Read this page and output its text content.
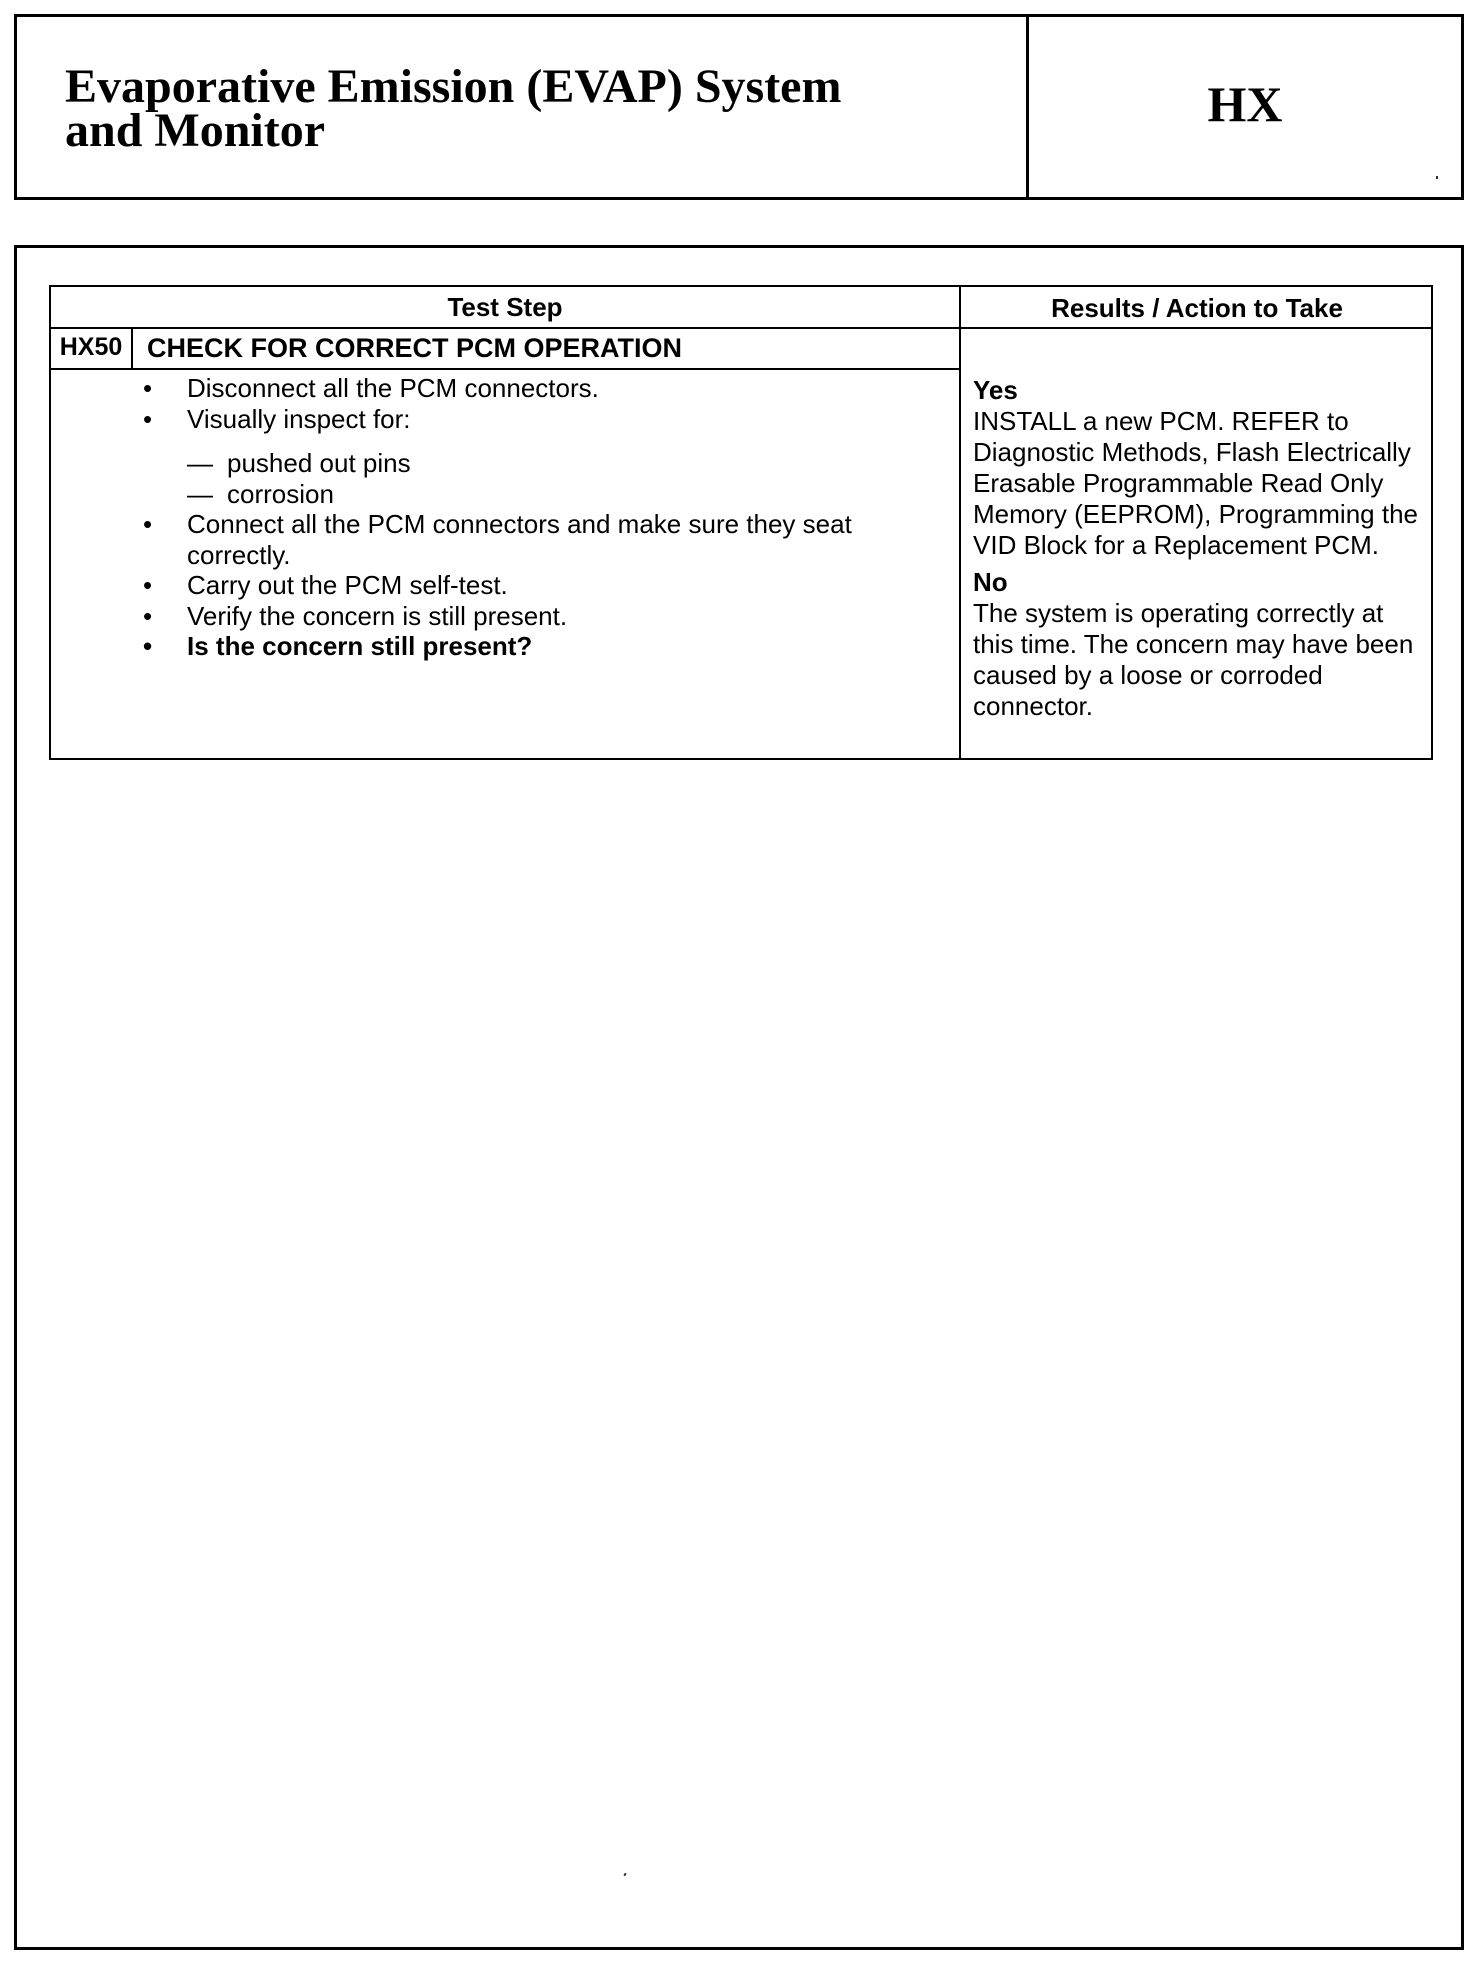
Evaporative Emission (EVAP) System
and Monitor	HX
Test Step	Results / Action to Take
HX50 CHECK FOR CORRECT PCM OPERATION
• Disconnect all the PCM connectors.
• Visually inspect for:
— pushed out pins
— corrosion
• Connect all the PCM connectors and make sure they seat correctly.
• Carry out the PCM self-test.
• Verify the concern is still present.
• Is the concern still present?
Yes
INSTALL a new PCM. REFER to Diagnostic Methods, Flash Electrically Erasable Programmable Read Only Memory (EEPROM), Programming the VID Block for a Replacement PCM.
No
The system is operating correctly at this time. The concern may have been caused by a loose or corroded connector.
